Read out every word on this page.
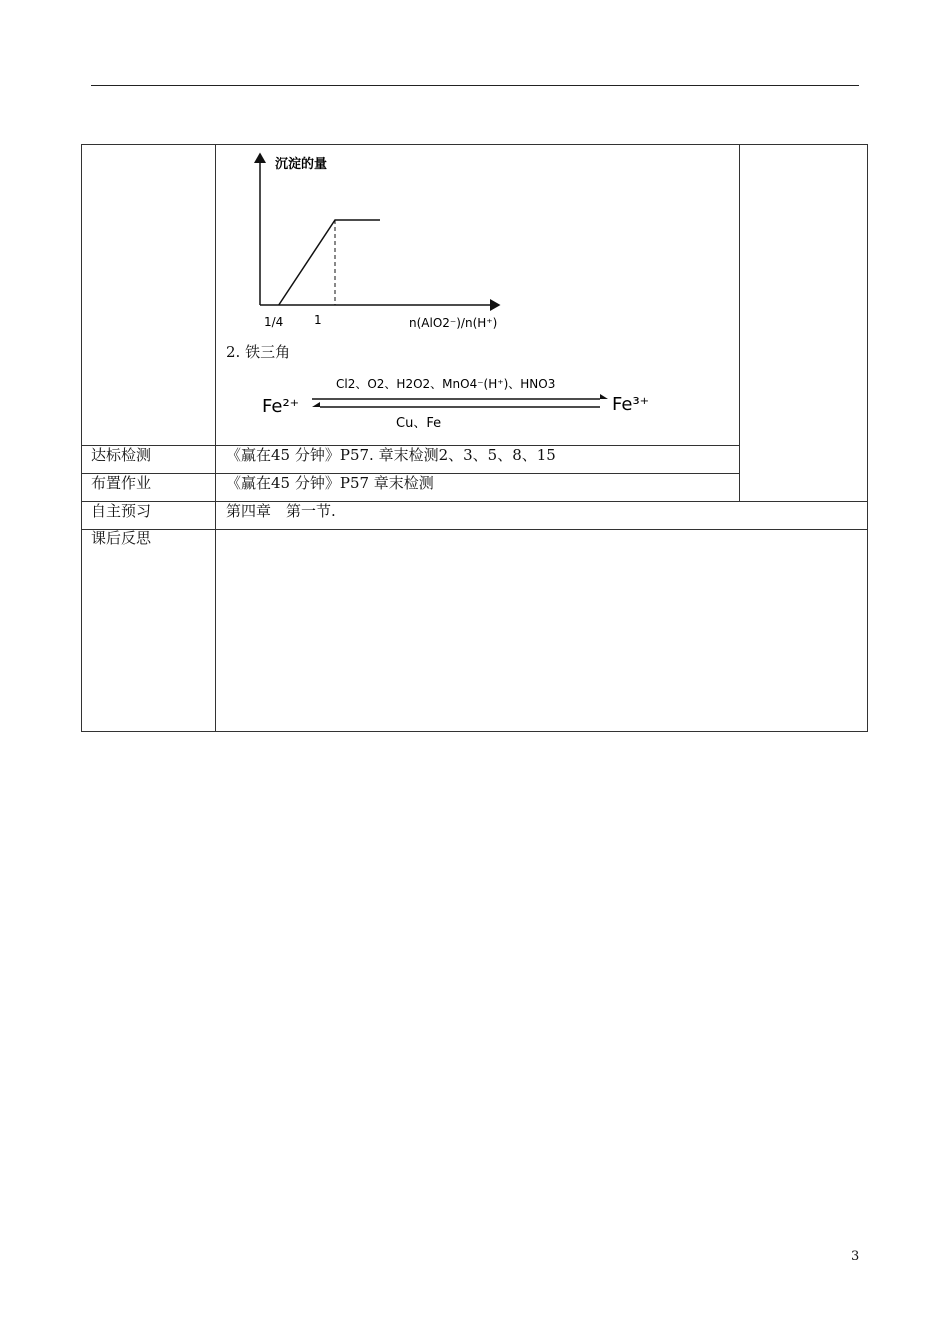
沉淀的量
1/4	1	n(AlO2⁻)/n(H⁺)
2. 铁三角
Fe²⁺	Fe³⁺
Cl2、O2、H2O2、MnO4⁻(H⁺)、HNO3
Cu、Fe
达标检测	《赢在45 分钟》P57. 章末检测2、3、5、8、15
布置作业	《赢在45 分钟》P57 章末检测
自主预习	第四章　第一节.
课后反思
3
